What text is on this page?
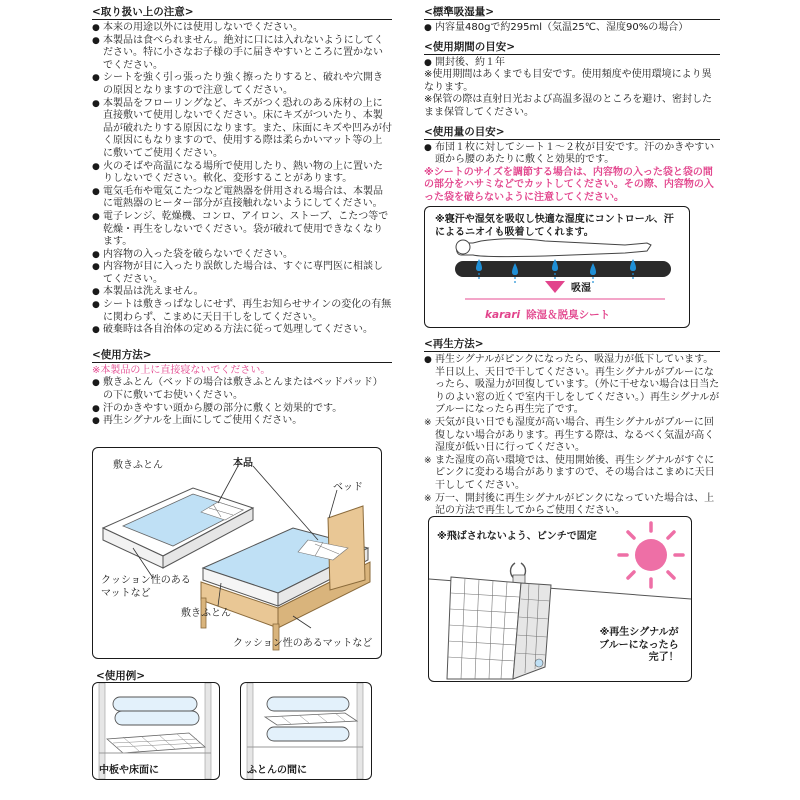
<取り扱い上の注意>
● 本来の用途以外には使用しないでください。
● 本製品は食べられません。絶対に口には入れないようにしてください。特に小さなお子様の手に届きやすいところに置かないでください。
● シートを強く引っ張ったり強く擦ったりすると、破れや穴開きの原因となりますので注意してください。
● 本製品をフローリングなど、キズがつく恐れのある床材の上に直接敷いて使用しないでください。床にキズがついたり、本製品が破れたりする原因になります。また、床面にキズや凹みが付く原因にもなりますので、使用する際は柔らかいマット等の上に敷いてご使用ください。
● 火のそばや高温になる場所で使用したり、熱い物の上に置いたりしないでください。軟化、変形することがあります。
● 電気毛布や電気こたつなど電熱器を併用される場合は、本製品に電熱器のヒーター部分が直接触れないようにしてください。
● 電子レンジ、乾燥機、コンロ、アイロン、ストーブ、こたつ等で乾燥・再生をしないでください。袋が破れて使用できなくなります。
● 内容物の入った袋を破らないでください。
● 内容物が目に入ったり誤飲した場合は、すぐに専門医に相談してください。
● 本製品は洗えません。
● シートは敷きっぱなしにせず、再生お知らせサインの変化の有無に関わらず、こまめに天日干しをしてください。
● 破棄時は各自治体の定める方法に従って処理してください。
<使用方法>
※本製品の上に直接寝ないでください。
● 敷きふとん（ベッドの場合は敷きふとんまたはベッドパッド）の下に敷いてお使いください。
● 汗のかきやすい頭から腰の部分に敷くと効果的です。
● 再生シグナルを上面にしてご使用ください。
敷きふとん	本品
ベッド
クッション性のある
マットなど
敷きふとん
クッション性のあるマットなど
<使用例>
中板や床面に	ふとんの間に
<標準吸湿量>
● 内容量480gで約295ml（気温25℃、湿度90%の場合）
<使用期間の目安>
● 開封後、約１年
※使用期間はあくまでも目安です。使用頻度や使用環境により異なります。
※保管の際は直射日光および高温多湿のところを避け、密封したまま保管してください。
<使用量の目安>
● 布団１枚に対してシート１～２枚が目安です。汗のかきやすい頭から腰のあたりに敷くと効果的です。
※シートのサイズを調節する場合は、内容物の入った袋と袋の間の部分をハサミなどでカットしてください。その際、内容物の入った袋を破らないように注意してください。
※寝汗や湿気を吸収し快適な湿度にコントロール、汗によるニオイも吸着してくれます。
吸湿
karari 除湿＆脱臭シート
<再生方法>
● 再生シグナルがピンクになったら、吸湿力が低下しています。半日以上、天日で干してください。再生シグナルがブルーになったら、吸湿力が回復しています。（外に干せない場合は日当たりのよい窓の近くで室内干しをしてください。）再生シグナルがブルーになったら再生完了です。
※ 天気が良い日でも湿度が高い場合、再生シグナルがブルーに回復しない場合があります。再生する際は、なるべく気温が高く湿度が低い日に行ってください。
※ また湿度の高い環境では、使用開始後、再生シグナルがすぐにピンクに変わる場合がありますので、その場合はこまめに天日干ししてください。
※ 万一、開封後に再生シグナルがピンクになっていた場合は、上記の方法で再生してからご使用ください。
※飛ばされないよう、ピンチで固定
※再生シグナルが
ブルーになったら
完了！
